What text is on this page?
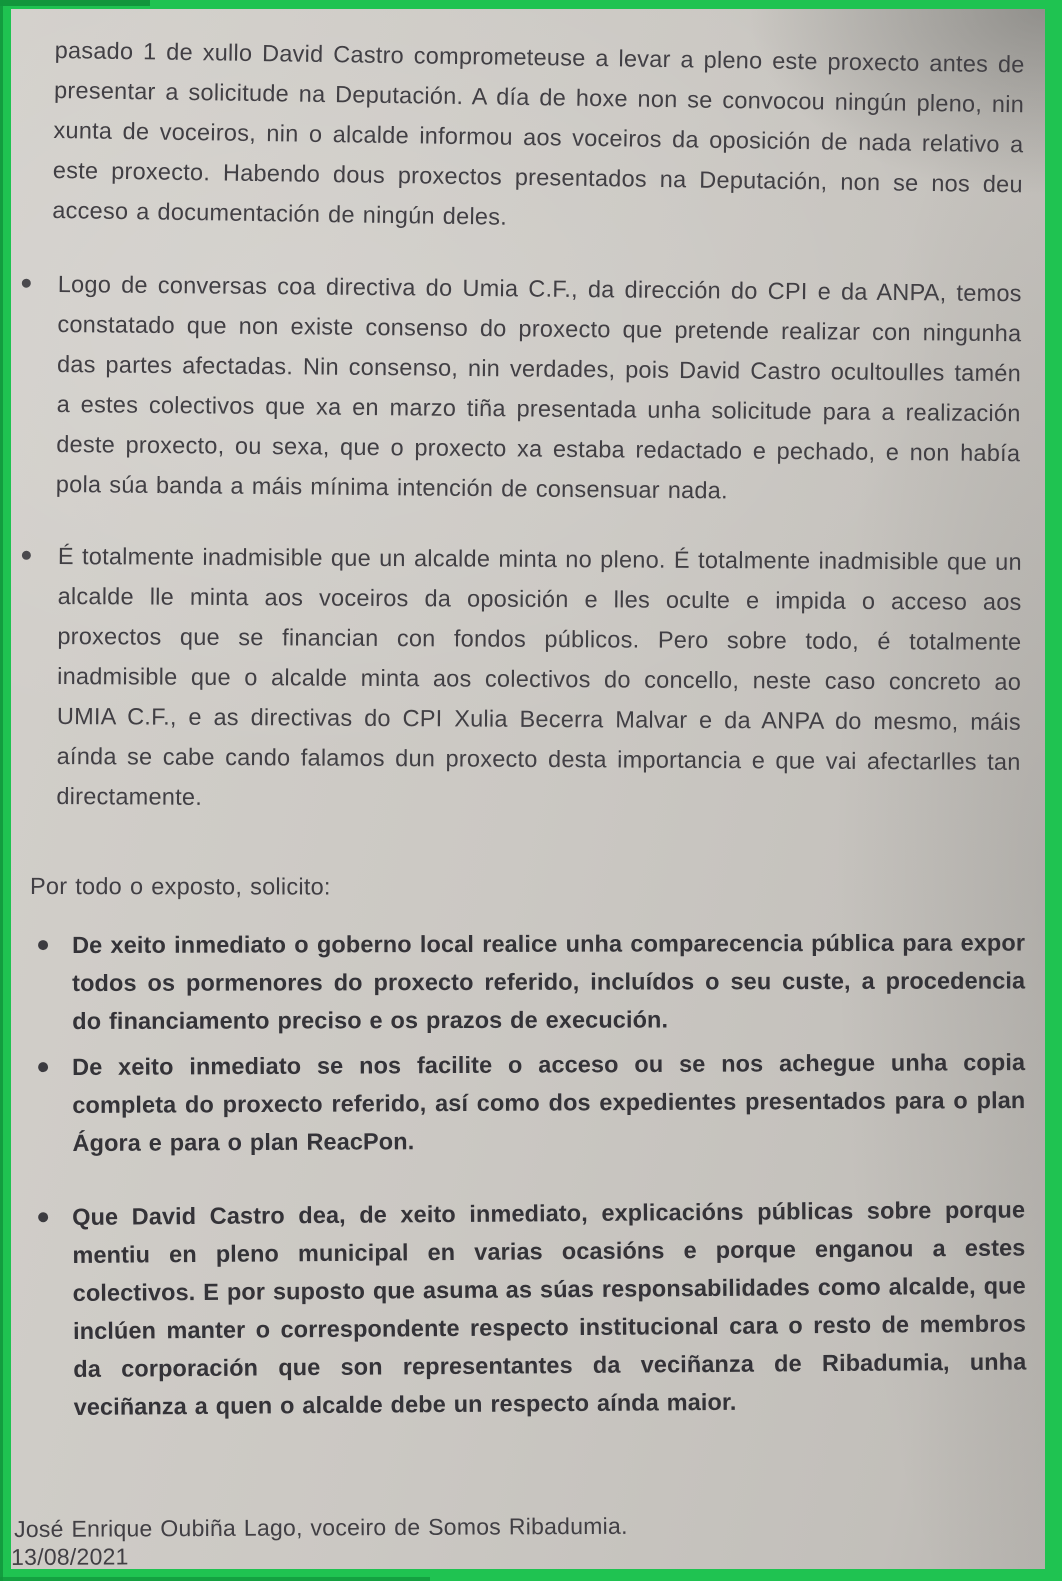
pasado 1 de xullo David Castro comprometeuse a levar a pleno este proxecto antes de presentar a solicitude na Deputación. A día de hoxe non se convocou ningún pleno, nin xunta de voceiros, nin o alcalde informou aos voceiros da oposición de nada relativo a este proxecto. Habendo dous proxectos presentados na Deputación, non se nos deu acceso a documentación de ningún deles.

Logo de conversas coa directiva do Umia C.F., da dirección do CPI e da ANPA, temos constatado que non existe consenso do proxecto que pretende realizar con ningunha das partes afectadas. Nin consenso, nin verdades, pois David Castro ocultoulles tamén a estes colectivos que xa en marzo tiña presentada unha solicitude para a realización deste proxecto, ou sexa, que o proxecto xa estaba redactado e pechado, e non había pola súa banda a máis mínima intención de consensuar nada.

É totalmente inadmisible que un alcalde minta no pleno. É totalmente inadmisible que un alcalde lle minta aos voceiros da oposición e lles oculte e impida o acceso aos proxectos que se financian con fondos públicos. Pero sobre todo, é totalmente inadmisible que o alcalde minta aos colectivos do concello, neste caso concreto ao UMIA C.F., e as directivas do CPI Xulia Becerra Malvar e da ANPA do mesmo, máis aínda se cabe cando falamos dun proxecto desta importancia e que vai afectarlles tan directamente.

Por todo o exposto, solicito:

De xeito inmediato o goberno local realice unha comparecencia pública para expor todos os pormenores do proxecto referido, incluídos o seu custe, a procedencia do financiamento preciso e os prazos de execución.

De xeito inmediato se nos facilite o acceso ou se nos achegue unha copia completa do proxecto referido, así como dos expedientes presentados para o plan Ágora e para o plan ReacPon.

Que David Castro dea, de xeito inmediato, explicacións públicas sobre porque mentiu en pleno municipal en varias ocasións e porque enganou a estes colectivos. E por suposto que asuma as súas responsabilidades como alcalde, que inclúen manter o correspondente respecto institucional cara o resto de membros da corporación que son representantes da veciñanza de Ribadumia, unha veciñanza a quen o alcalde debe un respecto aínda maior.

José Enrique Oubiña Lago, voceiro de Somos Ribadumia.

13/08/2021
